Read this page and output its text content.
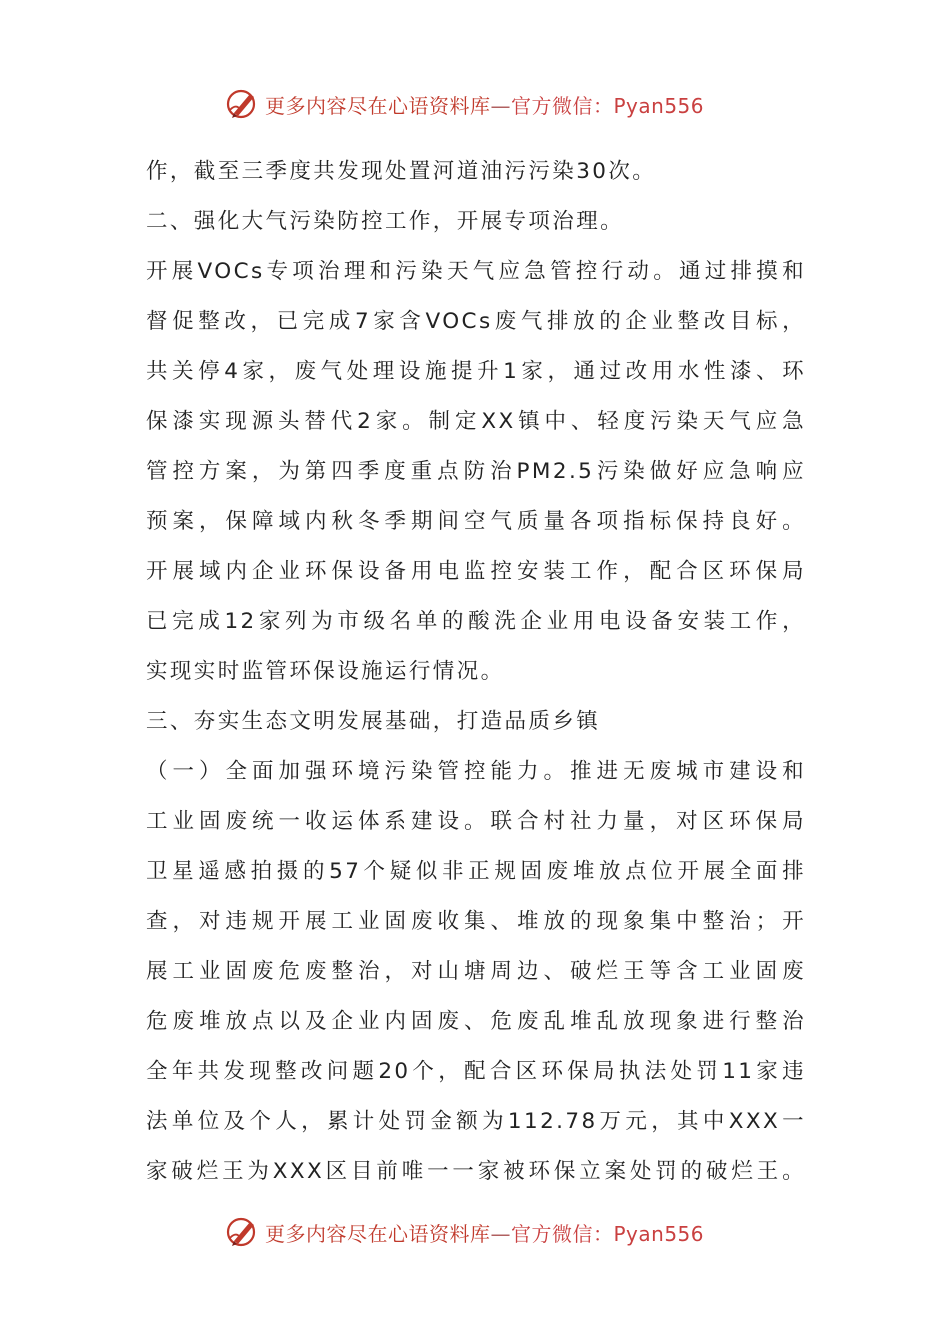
更多内容尽在心语资料库—官方微信：Pyan556
作，截至三季度共发现处置河道油污污染30次。
二、强化大气污染防控工作，开展专项治理。
开展VOCs专项治理和污染天气应急管控行动。通过排摸和
督促整改，已完成7家含VOCs废气排放的企业整改目标，
共关停4家，废气处理设施提升1家，通过改用水性漆、环
保漆实现源头替代2家。制定XX镇中、轻度污染天气应急
管控方案，为第四季度重点防治PM2.5污染做好应急响应
预案，保障域内秋冬季期间空气质量各项指标保持良好。
开展域内企业环保设备用电监控安装工作，配合区环保局
已完成12家列为市级名单的酸洗企业用电设备安装工作，
实现实时监管环保设施运行情况。
三、夯实生态文明发展基础，打造品质乡镇
（一）全面加强环境污染管控能力。推进无废城市建设和
工业固废统一收运体系建设。联合村社力量，对区环保局
卫星遥感拍摄的57个疑似非正规固废堆放点位开展全面排
查，对违规开展工业固废收集、堆放的现象集中整治；开
展工业固废危废整治，对山塘周边、破烂王等含工业固废
危废堆放点以及企业内固废、危废乱堆乱放现象进行整治
全年共发现整改问题20个，配合区环保局执法处罚11家违
法单位及个人，累计处罚金额为112.78万元，其中XXX一
家破烂王为XXX区目前唯一一家被环保立案处罚的破烂王。
更多内容尽在心语资料库—官方微信：Pyan556
